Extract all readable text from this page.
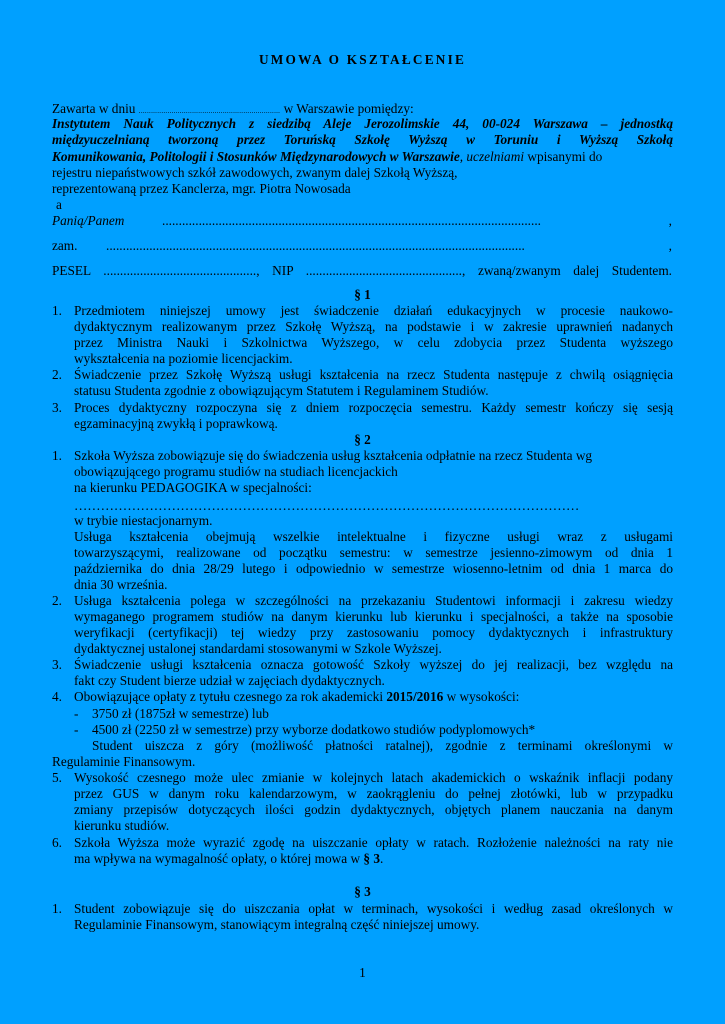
UMOWA O KSZTAŁCENIE
Zawarta w dniu ..................................................................... w Warszawie pomiędzy:
Instytutem Nauk Politycznych z siedzibą Aleje Jerozolimskie 44, 00-024 Warszawa – jednostką
międzyuczelnianą tworzoną przez Toruńską Szkołę Wyższą w Toruniu i Wyższą Szkołą
Komunikowania, Politologii i Stosunków Międzynarodowych w Warszawie, uczelniami wpisanymi do
rejestru niepaństwowych szkół zawodowych, zwanym dalej Szkołą Wyższą,
reprezentowaną przez Kanclerza, mgr. Piotra Nowosada
a
Panią/Panem	..................................................................................................................	,
zam.	..............................................................................................................................	,
PESEL .............................................., NIP ..............................................., zwaną/zwanym dalej Studentem.
§ 1
1. Przedmiotem niniejszej umowy jest świadczenie działań edukacyjnych w procesie naukowo-
dydaktycznym realizowanym przez Szkołę Wyższą, na podstawie i w zakresie uprawnień nadanych
przez Ministra Nauki i Szkolnictwa Wyższego, w celu zdobycia przez Studenta wyższego
wykształcenia na poziomie licencjackim.
2. Świadczenie przez Szkołę Wyższą usługi kształcenia na rzecz Studenta następuje z chwilą osiągnięcia
statusu Studenta zgodnie z obowiązującym Statutem i Regulaminem Studiów.
3. Proces dydaktyczny rozpoczyna się z dniem rozpoczęcia semestru. Każdy semestr kończy się sesją
egzaminacyjną zwykłą i poprawkową.
§ 2
1. Szkoła Wyższa zobowiązuje się do świadczenia usług kształcenia odpłatnie na rzecz Studenta wg
obowiązującego programu studiów na studiach licencjackich
na kierunku PEDAGOGIKA w specjalności:
……………………………………………………………………………………………………
w trybie niestacjonarnym.
Usługa kształcenia obejmują wszelkie intelektualne i fizyczne usługi wraz z usługami
towarzyszącymi, realizowane od początku semestru: w semestrze jesienno-zimowym od dnia 1
października do dnia 28/29 lutego i odpowiednio w semestrze wiosenno-letnim od dnia 1 marca do
dnia 30 września.
2. Usługa kształcenia polega w szczególności na przekazaniu Studentowi informacji i zakresu wiedzy
wymaganego programem studiów na danym kierunku lub kierunku i specjalności, a także na sposobie
weryfikacji (certyfikacji) tej wiedzy przy zastosowaniu pomocy dydaktycznych i infrastruktury
dydaktycznej ustalonej standardami stosowanymi w Szkole Wyższej.
3. Świadczenie usługi kształcenia oznacza gotowość Szkoły wyższej do jej realizacji, bez względu na
fakt czy Student bierze udział w zajęciach dydaktycznych.
4. Obowiązujące opłaty z tytułu czesnego za rok akademicki 2015/2016 w wysokości:
- 3750 zł (1875zł w semestrze) lub
- 4500 zł (2250 zł w semestrze) przy wyborze dodatkowo studiów podyplomowych*
Student uiszcza z góry (możliwość płatności ratalnej), zgodnie z terminami określonymi w
Regulaminie Finansowym.
5. Wysokość czesnego może ulec zmianie w kolejnych latach akademickich o wskaźnik inflacji podany
przez GUS w danym roku kalendarzowym, w zaokrągleniu do pełnej złotówki, lub w przypadku
zmiany przepisów dotyczących ilości godzin dydaktycznych, objętych planem nauczania na danym
kierunku studiów.
6. Szkoła Wyższa może wyrazić zgodę na uiszczanie opłaty w ratach. Rozłożenie należności na raty nie
ma wpływa na wymagalność opłaty, o której mowa w § 3.
§ 3
1. Student zobowiązuje się do uiszczania opłat w terminach, wysokości i według zasad określonych w
Regulaminie Finansowym, stanowiącym integralną część niniejszej umowy.
1
